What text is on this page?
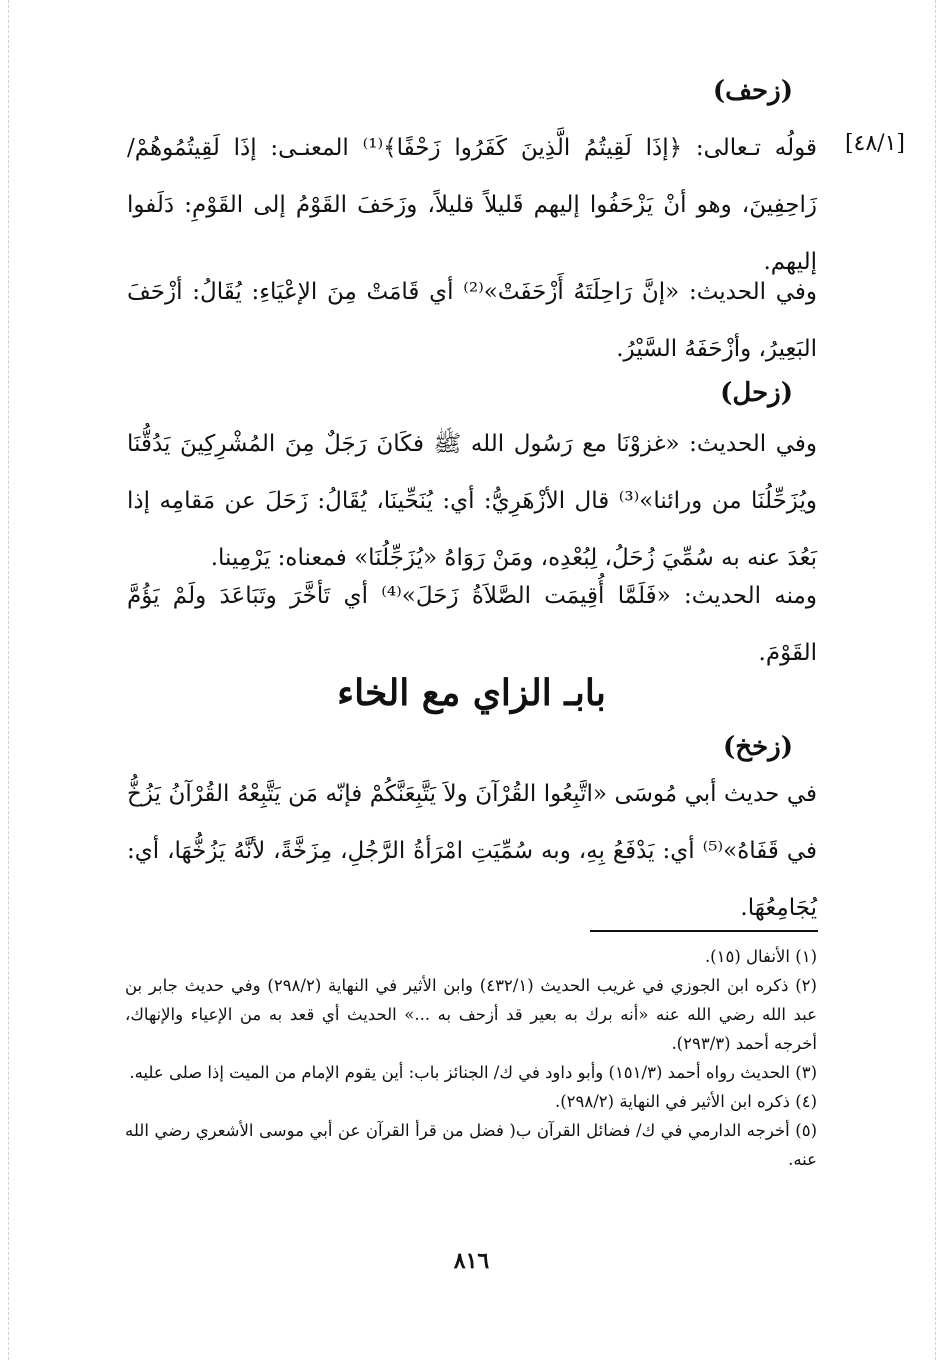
(زحف)
[٤٨/١]
قولُه تـعالى: ﴿إذَا لَقِيتُمُ الَّذِينَ كَفَرُوا زَحْفًا﴾⁽¹⁾ المعنـى: إذَا لَقِيتُمُوهُمْ/ زَاحِفِينَ، وهو أنْ يَزْحَفُوا إليهم قَليلاً قليلاً، وزَحَفَ القَوْمُ إلى القَوْمِ: دَلَفوا إليهم.
وفي الحديث: «إنَّ رَاحِلَتَهُ أَزْحَفَتْ»⁽²⁾ أي قَامَتْ مِنَ الإعْيَاءِ: يُقَالُ: أزْحَفَ البَعِيرُ، وأزْحَفَهُ السَّيْرُ.
(زحل)
وفي الحديث: «غزوْنَا مع رَسُول الله ﷺ فكَانَ رَجَلٌ مِنَ المُشْرِكِينَ يَدُقُّنَا ويُزَحِّلُنَا من ورائنا»⁽³⁾ قال الأزْهَرِيُّ: أي: يُنَحِّينَا، يُقَالُ: زَحَلَ عن مَقامِه إذا بَعُدَ عنه به سُمِّيَ زُحَلُ، لِبُعْدِه، ومَنْ رَوَاهُ «يُزَجِّلُنَا» فمعناه: يَرْمِينا.
ومنه الحديث: «فَلَمَّا أُقِيمَت الصَّلاَةُ زَحَلَ»⁽⁴⁾ أي تَأخَّرَ وتَبَاعَدَ ولَمْ يَؤُمَّ القَوْمَ.
بابـ الزاي مع الخاء
(زخخ)
في حديث أبي مُوسَى «اتَّبِعُوا القُرْآنَ ولاَ يَتَّبِعَنَّكُمْ فإنّه مَن يَتَّبِعْهُ القُرْآنُ يَزُخُّ في قَفَاهُ»⁽⁵⁾ أي: يَدْفَعُ بِهِ، وبه سُمِّيَتِ امْرَأةُ الرَّجُلِ، مِزَخَّةً، لأنَّهُ يَزُخُّهَا، أي: يُجَامِعُهَا.

(١) الأنفال (١٥).

(٢) ذكره ابن الجوزي في غريب الحديث (٤٣٢/١) وابن الأثير في النهاية (٢٩٨/٢) وفي حديث جابر بن عبد الله رضي الله عنه «أنه برك به بعير قد أزحف به ...» الحديث أي قعد به من الإعياء والإنهاك، أخرجه أحمد (٢٩٣/٣).

(٣) الحديث رواه أحمد (١٥١/٣) وأبو داود في ك/ الجنائز باب: أين يقوم الإمام من الميت إذا صلى عليه.

(٤) ذكره ابن الأثير في النهاية (٢٩٨/٢).

(٥) أخرجه الدارمي في ك/ فضائل القرآن ب( فضل من قرأ القرآن عن أبي موسى الأشعري رضي الله عنه.

٨١٦
